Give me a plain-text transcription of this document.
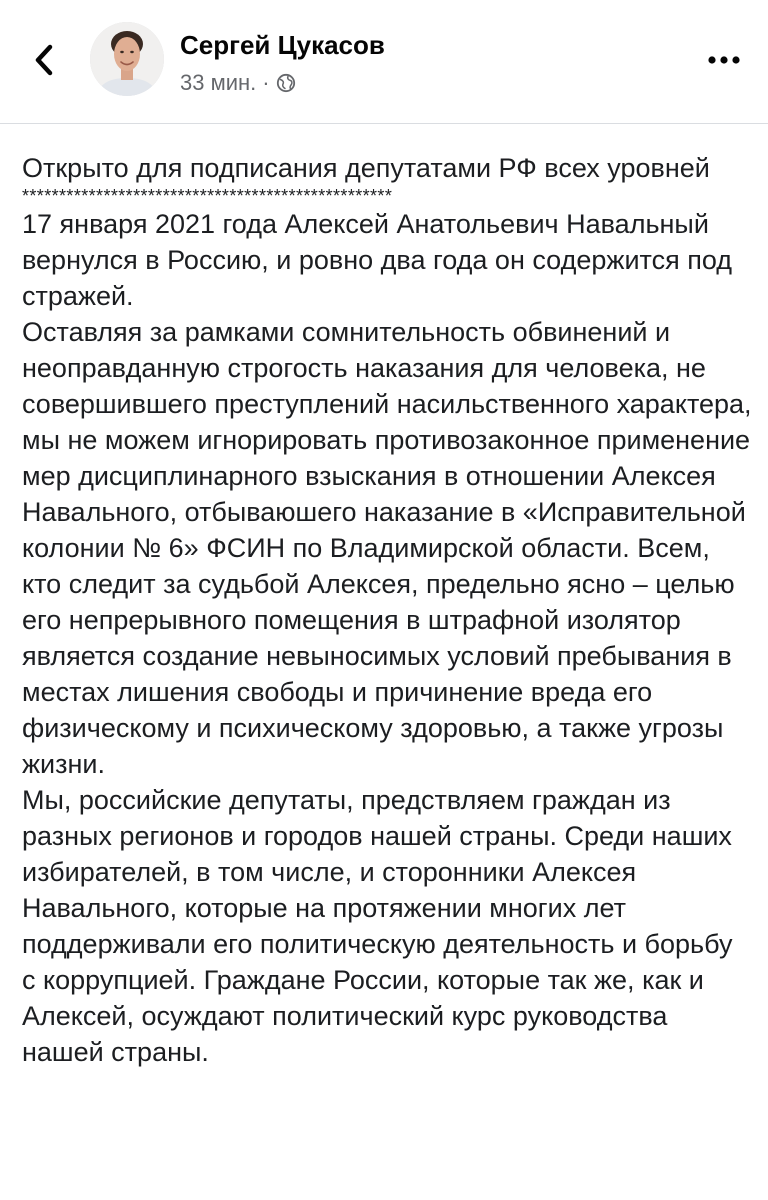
Сергей Цукасов
33 мин. ·

Открыто для подписания депутатами РФ всех уровней

**************************************************

17 января 2021 года Алексей Анатольевич Навальный вернулся в Россию, и ровно два года он содержится под стражей.

Оставляя за рамками сомнительность обвинений и неоправданную строгость наказания для человека, не совершившего преступлений насильственного характера, мы не можем игнорировать противозаконное применение мер дисциплинарного взыскания в отношении Алексея Навального, отбываюшего наказание в «Исправительной колонии № 6» ФСИН по Владимирской области. Всем, кто следит за судьбой Алексея, предельно ясно – целью его непрерывного помещения в штрафной изолятор является создание невыносимых условий пребывания в местах лишения свободы и причинение вреда его физическому и психическому здоровью, а также угрозы жизни.

Мы, российские депутаты, предствляем граждан из разных регионов и городов нашей страны. Среди наших избирателей, в том числе, и сторонники Алексея Навального, которые на протяжении многих лет поддерживали его политическую деятельность и борьбу с коррупцией. Граждане России, которые так же, как и Алексей, осуждают политический курс руководства нашей страны.
